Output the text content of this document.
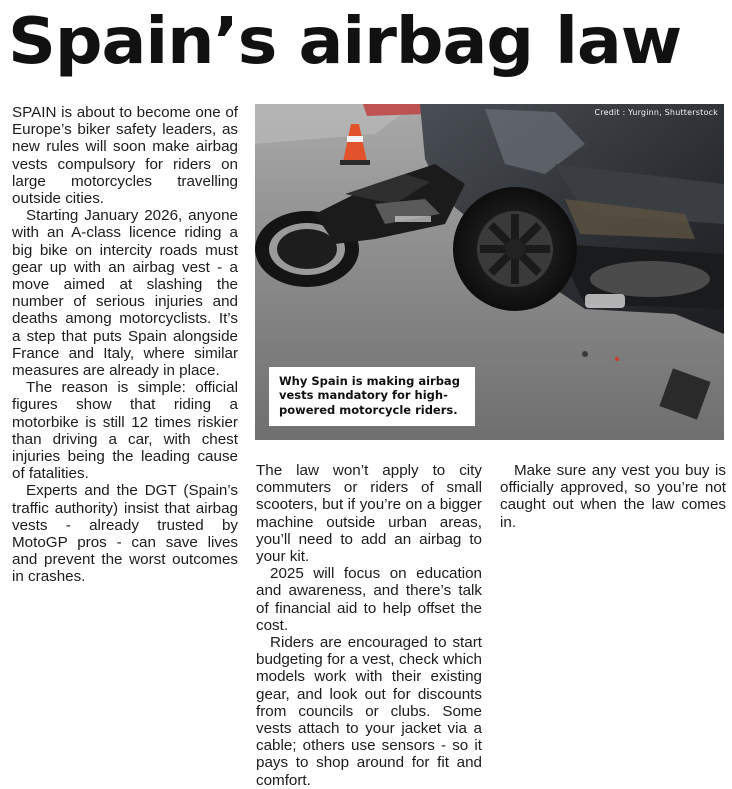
Spain’s airbag law

SPAIN is about to become one of Europe’s biker safety leaders, as new rules will soon make airbag vests compulsory for riders on large motorcycles travelling outside cities.

Starting January 2026, anyone with an A-class licence riding a big bike on intercity roads must gear up with an airbag vest - a move aimed at slashing the number of serious injuries and deaths among motorcyclists. It’s a step that puts Spain alongside France and Italy, where similar measures are already in place.

The reason is simple: official figures show that riding a motorbike is still 12 times riskier than driving a car, with chest injuries being the leading cause of fatalities.

Experts and the DGT (Spain’s traffic authority) insist that airbag vests - already trusted by MotoGP pros - can save lives and prevent the worst outcomes in crashes.

Credit : Yurginn, Shutterstock
Why Spain is making airbag vests mandatory for high-powered motorcycle riders.

The law won’t apply to city commuters or riders of small scooters, but if you’re on a bigger machine outside urban areas, you’ll need to add an airbag to your kit.

2025 will focus on education and awareness, and there’s talk of financial aid to help offset the cost.

Riders are encouraged to start budgeting for a vest, check which models work with their existing gear, and look out for discounts from councils or clubs. Some vests attach to your jacket via a cable; others use sensors - so it pays to shop around for fit and comfort.

Make sure any vest you buy is officially approved, so you’re not caught out when the law comes in.
